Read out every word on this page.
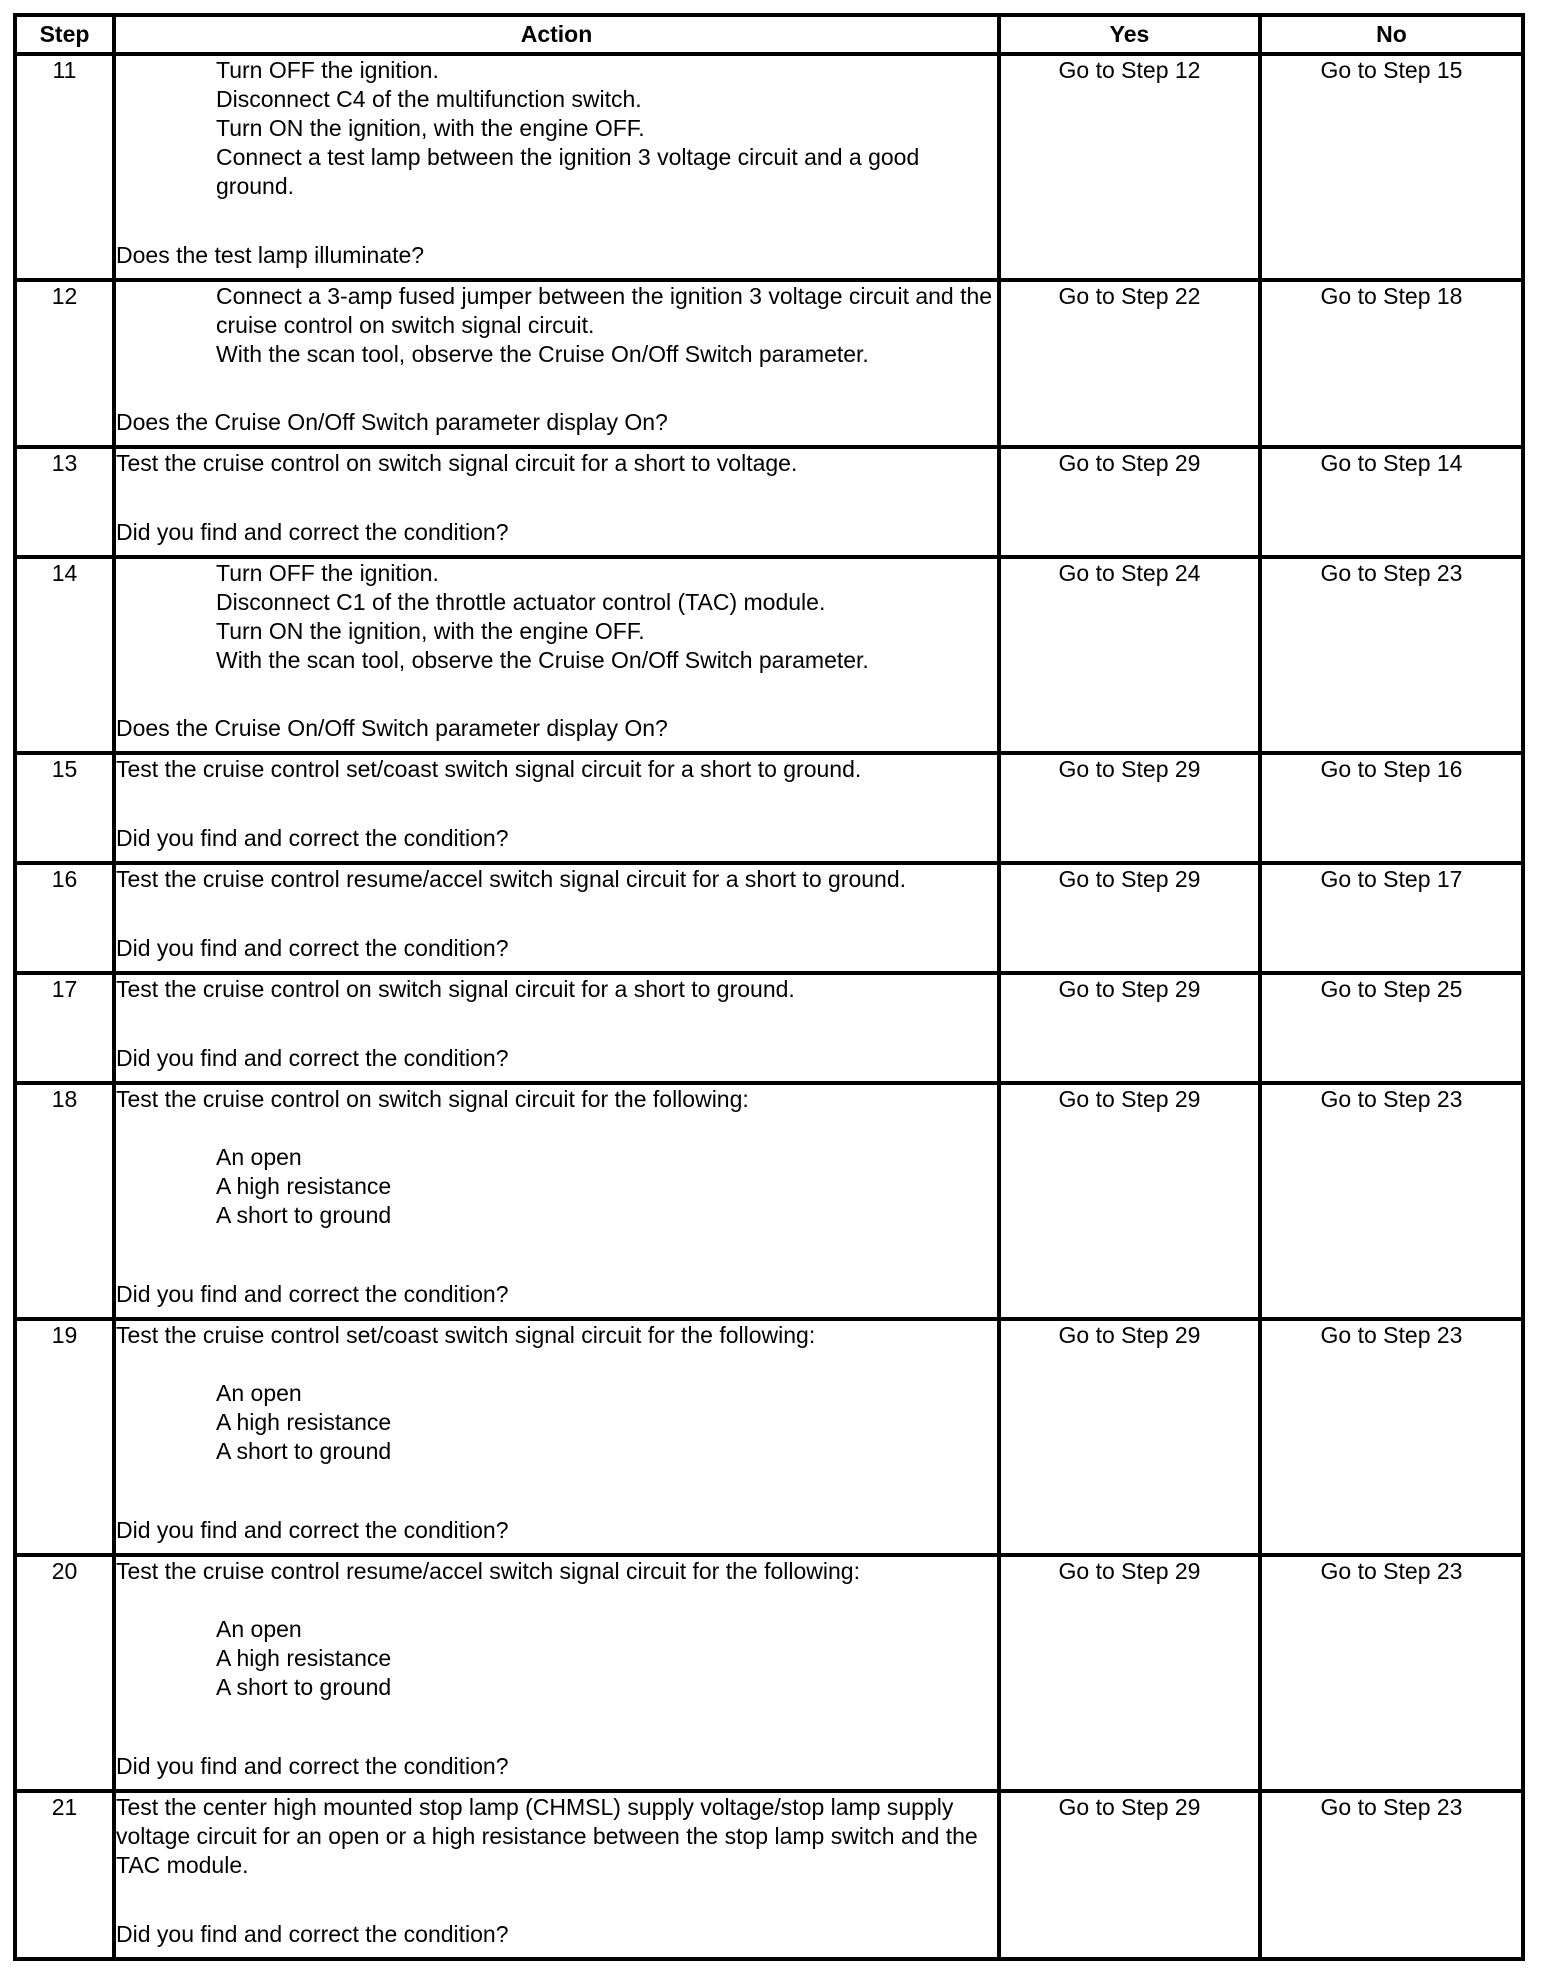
Step	Action	Yes	No
11	Turn OFF the ignition.
Disconnect C4 of the multifunction switch.
Turn ON the ignition, with the engine OFF.
Connect a test lamp between the ignition 3 voltage circuit and a good ground.
Does the test lamp illuminate?	Go to Step 12	Go to Step 15
12	Connect a 3-amp fused jumper between the ignition 3 voltage circuit and the cruise control on switch signal circuit.
With the scan tool, observe the Cruise On/Off Switch parameter.
Does the Cruise On/Off Switch parameter display On?	Go to Step 22	Go to Step 18
13	Test the cruise control on switch signal circuit for a short to voltage.
Did you find and correct the condition?	Go to Step 29	Go to Step 14
14	Turn OFF the ignition.
Disconnect C1 of the throttle actuator control (TAC) module.
Turn ON the ignition, with the engine OFF.
With the scan tool, observe the Cruise On/Off Switch parameter.
Does the Cruise On/Off Switch parameter display On?	Go to Step 24	Go to Step 23
15	Test the cruise control set/coast switch signal circuit for a short to ground.
Did you find and correct the condition?	Go to Step 29	Go to Step 16
16	Test the cruise control resume/accel switch signal circuit for a short to ground.
Did you find and correct the condition?	Go to Step 29	Go to Step 17
17	Test the cruise control on switch signal circuit for a short to ground.
Did you find and correct the condition?	Go to Step 29	Go to Step 25
18	Test the cruise control on switch signal circuit for the following:
An open
A high resistance
A short to ground
Did you find and correct the condition?	Go to Step 29	Go to Step 23
19	Test the cruise control set/coast switch signal circuit for the following:
An open
A high resistance
A short to ground
Did you find and correct the condition?	Go to Step 29	Go to Step 23
20	Test the cruise control resume/accel switch signal circuit for the following:
An open
A high resistance
A short to ground
Did you find and correct the condition?	Go to Step 29	Go to Step 23
21	Test the center high mounted stop lamp (CHMSL) supply voltage/stop lamp supply voltage circuit for an open or a high resistance between the stop lamp switch and the TAC module.
Did you find and correct the condition?	Go to Step 29	Go to Step 23
